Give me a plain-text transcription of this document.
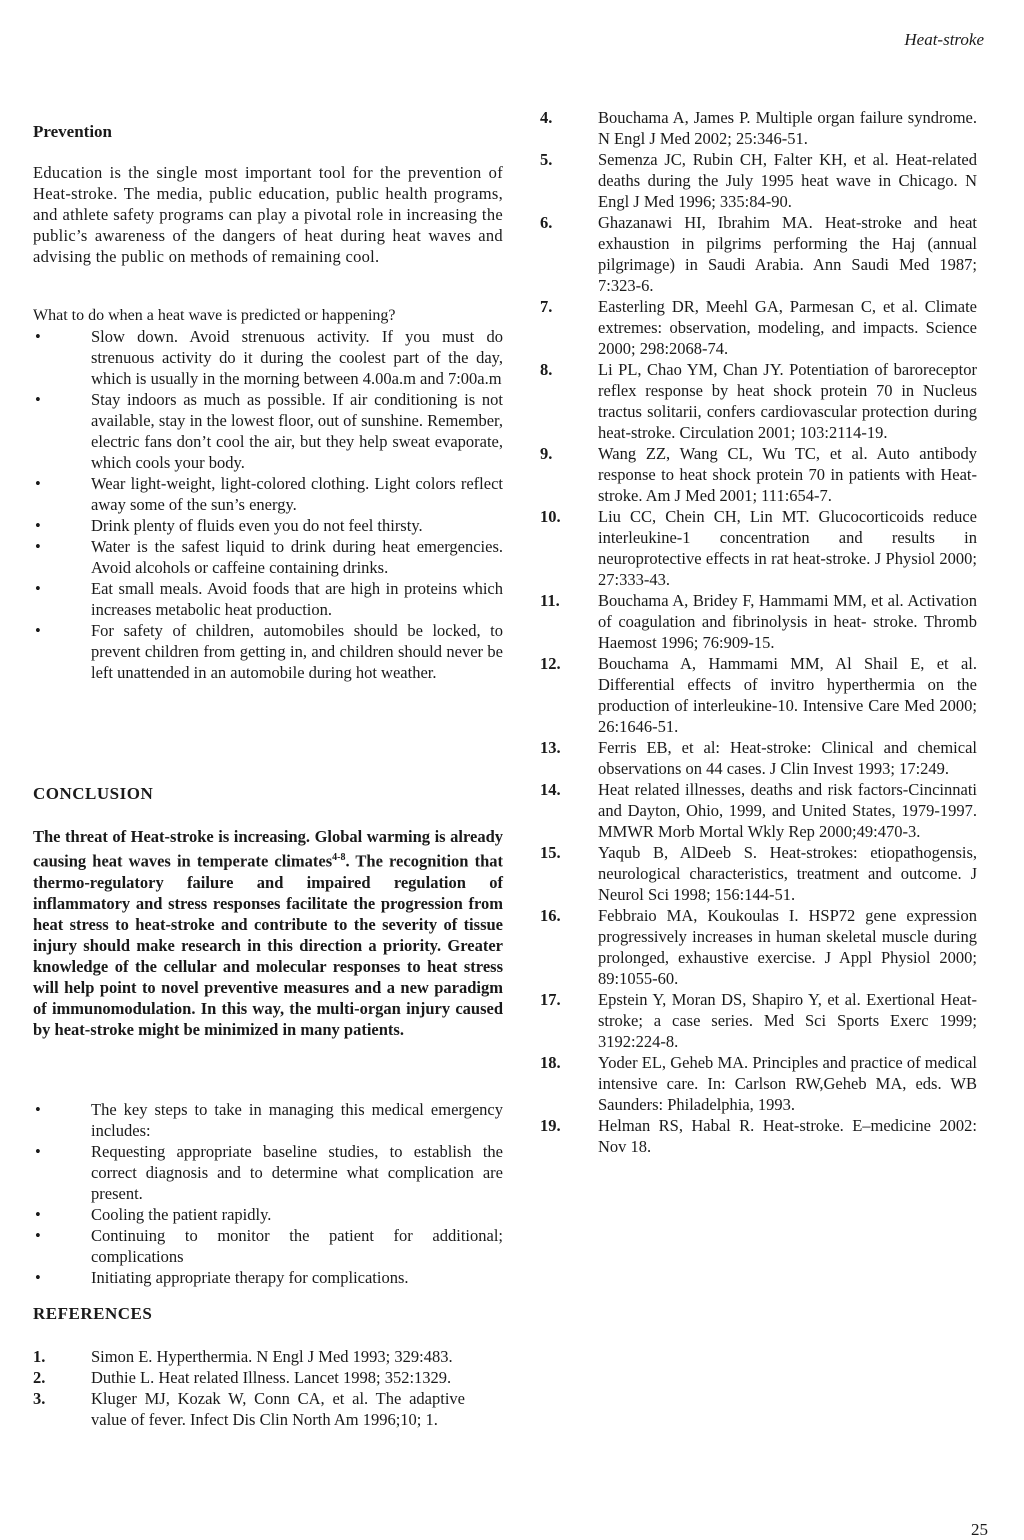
Heat-stroke
Prevention

Education is the single most important tool for the prevention of Heat-stroke. The media, public education, public health programs, and athlete safety programs can play a pivotal role in increasing the public’s awareness of the dangers of heat during heat waves and advising the public on methods of remaining cool.

What to do when a heat wave is predicted or happening?

•	Slow down. Avoid strenuous activity. If you must do strenuous activity do it during the coolest part of the day, which is usually in the morning between 4.00a.m and 7:00a.m
•	Stay indoors as much as possible. If air conditioning is not available, stay in the lowest floor, out of sunshine. Remember, electric fans don’t cool the air, but they help sweat evaporate, which cools your body.
•	Wear light-weight, light-colored clothing. Light colors reflect away some of the sun’s energy.
•	Drink plenty of fluids even you do not feel thirsty.
•	Water is the safest liquid to drink during heat emergencies. Avoid alcohols or caffeine containing drinks.
•	Eat small meals. Avoid foods that are high in proteins which increases metabolic heat production.
•	For safety of children, automobiles should be locked, to prevent children from getting in, and children should never be left unattended in an automobile during hot weather.
CONCLUSION

The threat of Heat-stroke is increasing. Global warming is already causing heat waves in temperate climates$^{4-8}$. The recognition that thermo-regulatory failure and impaired regulation of inflammatory and stress responses facilitate the progression from heat stress to heat-stroke and contribute to the severity of tissue injury should make research in this direction a priority. Greater knowledge of the cellular and molecular responses to heat stress will help point to novel preventive measures and a new paradigm of immunomodulation. In this way, the multi-organ injury caused by heat-stroke might be minimized in many patients.

•	The key steps to take in managing this medical emergency includes:
•	Requesting appropriate baseline studies, to establish the correct diagnosis and to determine what complication are present.
•	Cooling the patient rapidly.
•	Continuing to monitor the patient for additional; complications
•	Initiating appropriate therapy for complications.
REFERENCES
1.	Simon E. Hyperthermia. N Engl J Med 1993; 329:483.
2.	Duthie L. Heat related Illness. Lancet 1998; 352:1329.
3.	Kluger MJ, Kozak W, Conn CA, et al. The adaptive value of fever. Infect Dis Clin North Am 1996;10; 1.
4.	Bouchama A, James P. Multiple organ failure syndrome. N Engl J Med 2002; 25:346-51.
5.	Semenza JC, Rubin CH, Falter KH, et al. Heat-related deaths during the July 1995 heat wave in Chicago. N Engl J Med 1996; 335:84-90.
6.	Ghazanawi HI, Ibrahim MA. Heat-stroke and heat exhaustion in pilgrims performing the Haj (annual pilgrimage) in Saudi Arabia. Ann Saudi Med 1987; 7:323-6.
7.	Easterling DR, Meehl GA, Parmesan C, et al. Climate extremes: observation, modeling, and impacts. Science 2000; 298:2068-74.
8.	Li PL, Chao YM, Chan JY. Potentiation of baroreceptor reflex response by heat shock protein 70 in Nucleus tractus solitarii, confers cardiovascular protection during heat-stroke. Circulation 2001; 103:2114-19.
9.	Wang ZZ, Wang CL, Wu TC, et al. Auto antibody response to heat shock protein 70 in patients with Heat-stroke. Am J Med 2001; 111:654-7.
10. Liu CC, Chein CH, Lin MT. Glucocorticoids reduce interleukine-1 concentration and results in neuroprotective effects in rat heat-stroke. J Physiol 2000; 27:333-43.
11. Bouchama A, Bridey F, Hammami MM, et al. Activation of coagulation and fibrinolysis in heat- stroke. Thromb Haemost 1996; 76:909-15.
12. Bouchama A, Hammami MM, Al Shail E, et al. Differential effects of invitro hyperthermia on the production of interleukine-10. Intensive Care Med 2000; 26:1646-51.
13. Ferris EB, et al: Heat-stroke: Clinical and chemical observations on 44 cases. J Clin Invest 1993; 17:249.
14. Heat related illnesses, deaths and risk factors-Cincinnati and Dayton, Ohio, 1999, and United States, 1979-1997. MMWR Morb Mortal Wkly Rep 2000;49:470-3.
15. Yaqub B, AlDeeb S. Heat-strokes: etiopathogensis, neurological characteristics, treatment and outcome. J Neurol Sci 1998; 156:144-51.
16. Febbraio MA, Koukoulas I. HSP72 gene expression progressively increases in human skeletal muscle during prolonged, exhaustive exercise. J Appl Physiol 2000; 89:1055-60.
17. Epstein Y, Moran DS, Shapiro Y, et al. Exertional Heat-stroke; a case series. Med Sci Sports Exerc 1999; 3192:224-8.
18. Yoder EL, Geheb MA. Principles and practice of medical intensive care. In: Carlson RW,Geheb MA, eds. WB Saunders: Philadelphia, 1993.
19. Helman RS, Habal R. Heat-stroke. E–medicine 2002: Nov 18.
25
